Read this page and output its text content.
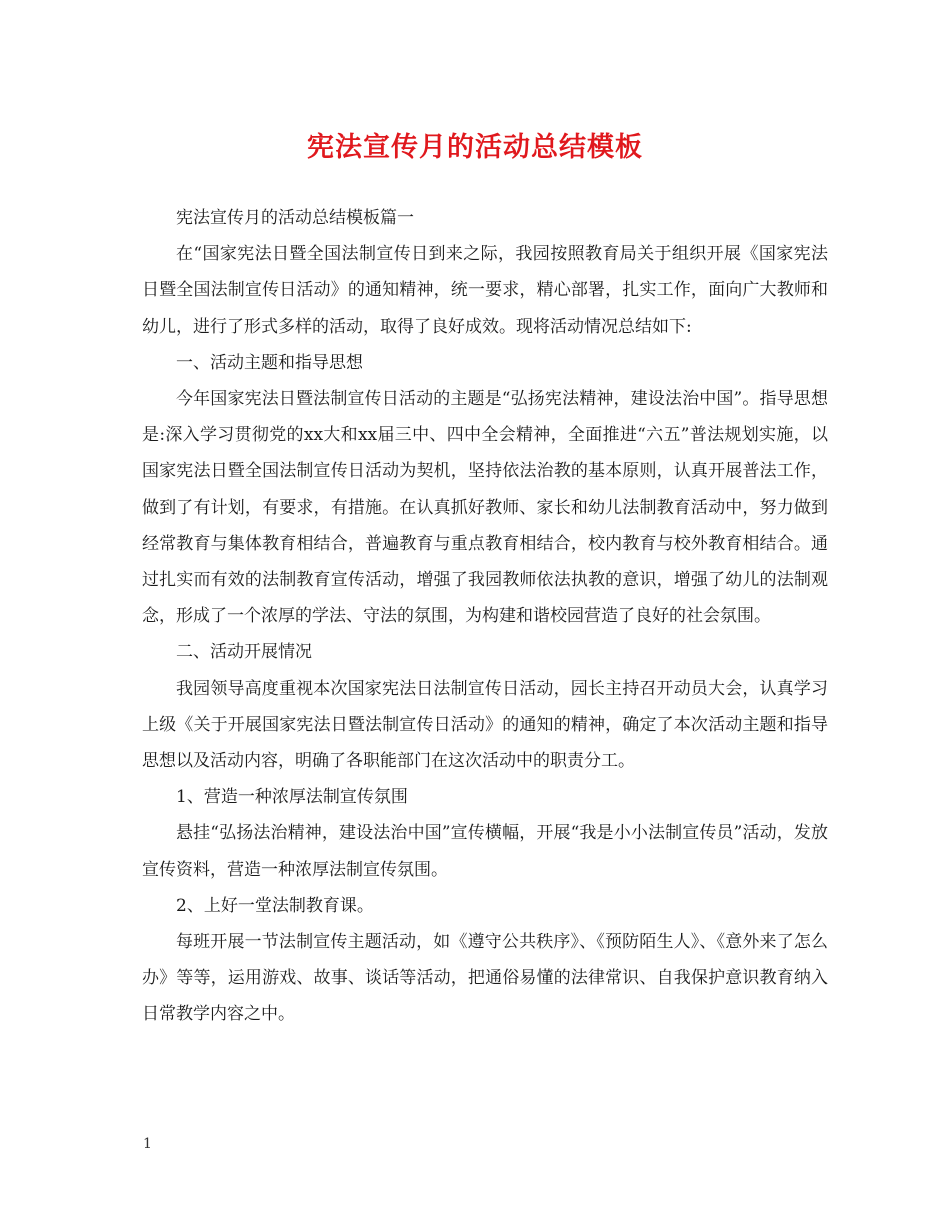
宪法宣传月的活动总结模板

宪法宣传月的活动总结模板篇一

在“国家宪法日暨全国法制宣传日到来之际，我园按照教育局关于组织开展《国家宪法日暨全国法制宣传日活动》的通知精神，统一要求，精心部署，扎实工作，面向广大教师和幼儿，进行了形式多样的活动，取得了良好成效。现将活动情况总结如下:

一、活动主题和指导思想

今年国家宪法日暨法制宣传日活动的主题是“弘扬宪法精神，建设法治中国”。指导思想是:深入学习贯彻党的xx大和xx届三中、四中全会精神，全面推进“六五”普法规划实施，以国家宪法日暨全国法制宣传日活动为契机，坚持依法治教的基本原则，认真开展普法工作，做到了有计划，有要求，有措施。在认真抓好教师、家长和幼儿法制教育活动中，努力做到经常教育与集体教育相结合，普遍教育与重点教育相结合，校内教育与校外教育相结合。通过扎实而有效的法制教育宣传活动，增强了我园教师依法执教的意识，增强了幼儿的法制观念，形成了一个浓厚的学法、守法的氛围，为构建和谐校园营造了良好的社会氛围。

二、活动开展情况

我园领导高度重视本次国家宪法日法制宣传日活动，园长主持召开动员大会，认真学习上级《关于开展国家宪法日暨法制宣传日活动》的通知的精神，确定了本次活动主题和指导思想以及活动内容，明确了各职能部门在这次活动中的职责分工。

1、营造一种浓厚法制宣传氛围

悬挂“弘扬法治精神，建设法治中国”宣传横幅，开展“我是小小法制宣传员”活动，发放宣传资料，营造一种浓厚法制宣传氛围。

2、上好一堂法制教育课。

每班开展一节法制宣传主题活动，如《遵守公共秩序》、《预防陌生人》、《意外来了怎么办》等等，运用游戏、故事、谈话等活动，把通俗易懂的法律常识、自我保护意识教育纳入日常教学内容之中。

1
